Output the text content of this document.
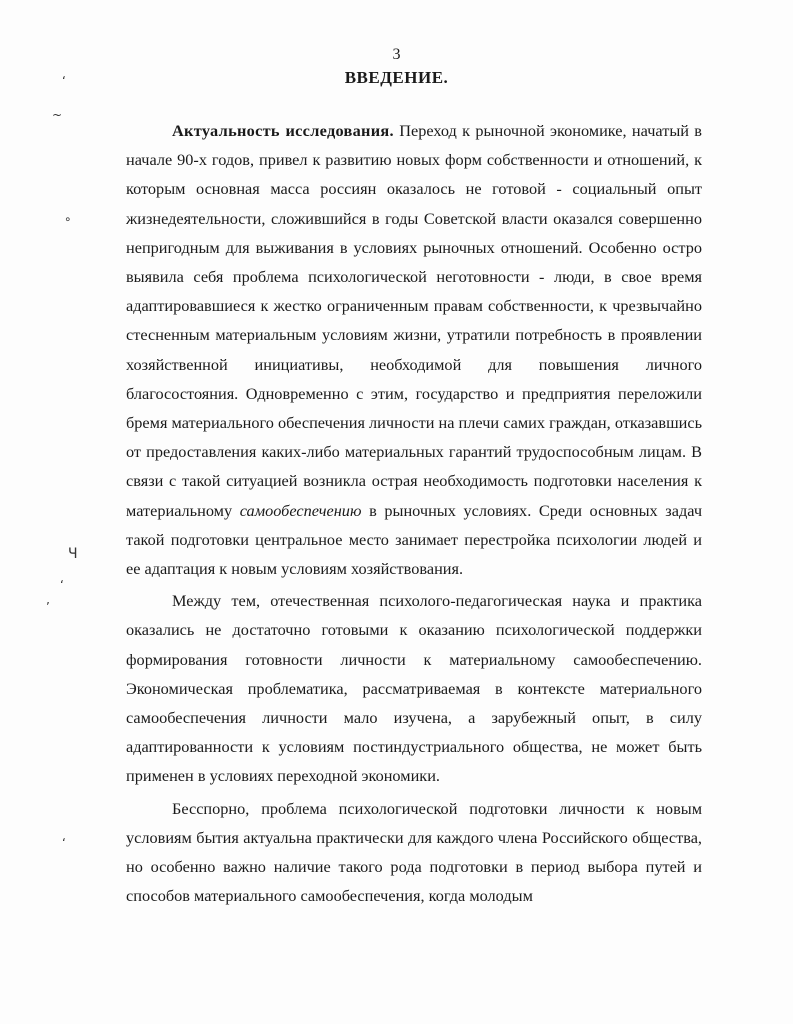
3
ВВЕДЕНИЕ.

Актуальность исследования. Переход к рыночной экономике, начатый в начале 90-х годов, привел к развитию новых форм собственности и отношений, к которым основная масса россиян оказалось не готовой - социальный опыт жизнедеятельности, сложившийся в годы Советской власти оказался совершенно непригодным для выживания в условиях рыночных отношений. Особенно остро выявила себя проблема психологической неготовности - люди, в свое время адаптировавшиеся к жестко ограниченным правам собственности, к чрезвычайно стесненным материальным условиям жизни, утратили потребность в проявлении хозяйственной инициативы, необходимой для повышения личного благосостояния. Одновременно с этим, государство и предприятия переложили бремя материального обеспечения личности на плечи самих граждан, отказавшись от предоставления каких-либо материальных гарантий трудоспособным лицам. В связи с такой ситуацией возникла острая необходимость подготовки населения к материальному самообеспечению в рыночных условиях. Среди основных задач такой подготовки центральное место занимает перестройка психологии людей и ее адаптация к новым условиям хозяйствования.

Между тем, отечественная психолого-педагогическая наука и практика оказались не достаточно готовыми к оказанию психологической поддержки формирования готовности личности к материальному самообеспечению. Экономическая проблематика, рассматриваемая в контексте материального самообеспечения личности мало изучена, а зарубежный опыт, в силу адаптированности к условиям постиндустриального общества, не может быть применен в условиях переходной экономики.

Бесспорно, проблема психологической подготовки личности к новым условиям бытия актуальна практически для каждого члена Российского общества, но особенно важно наличие такого рода подготовки в период выбора путей и способов материального самообеспечения, когда молодым

ʻ
~
∘
Ч
ʻ
’
ʻ
